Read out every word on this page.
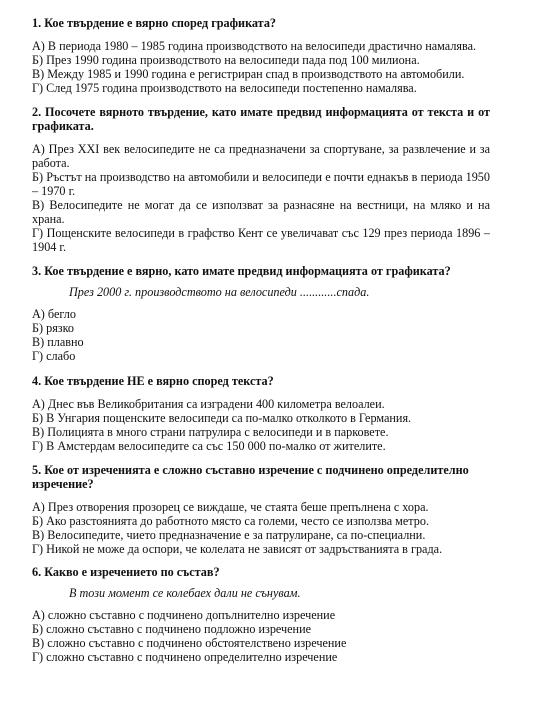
1. Кое твърдение е вярно според графиката?

А) В периода 1980 – 1985 година производството на велосипеди драстично намалява.
Б) През 1990 година производството на велосипеди пада под 100 милиона.
В) Между 1985 и 1990 година е регистриран спад в производството на автомобили.
Г) След 1975 година производството на велосипеди постепенно намалява.

2. Посочете вярното твърдение, като имате предвид информацията от текста и от графиката.

А) През XXI век велосипедите не са предназначени за спортуване, за развлечение и за работа.
Б) Ръстът на производство на автомобили и велосипеди е почти еднакъв в периода 1950 – 1970 г.
В) Велосипедите не могат да се използват за разнасяне на вестници, на мляко и на храна.
Г) Пощенските велосипеди в графство Кент се увеличават със 129 през периода 1896 – 1904 г.

3. Кое твърдение е вярно, като имате предвид информацията от графиката?

През 2000 г. производството на велосипеди ............спада.

А) бегло
Б) рязко
В) плавно
Г) слабо

4. Кое твърдение НЕ е вярно според текста?

А) Днес във Великобритания са изградени 400 километра велоалеи.
Б) В Унгария пощенските велосипеди са по-малко отколкото в Германия.
В) Полицията в много страни патрулира с велосипеди и в парковете.
Г) В Амстердам велосипедите са със 150 000 по-малко от жителите.

5. Кое от изреченията е сложно съставно изречение с подчинено определително изречение?

А) През отворения прозорец се виждаше, че стаята беше препълнена с хора.
Б) Ако разстоянията до работното място са големи, често се използва метро.
В) Велосипедите, чието предназначение е за патрулиране, са по-специални.
Г) Никой не може да оспори, че колелата не зависят от задръстванията в града.

6. Какво е изречението по състав?

В този момент се колебаех дали не сънувам.

А) сложно съставно с подчинено допълнително изречение
Б) сложно съставно с подчинено подложно изречение
В) сложно съставно с подчинено обстоятелствено изречение
Г) сложно съставно с подчинено определително изречение
